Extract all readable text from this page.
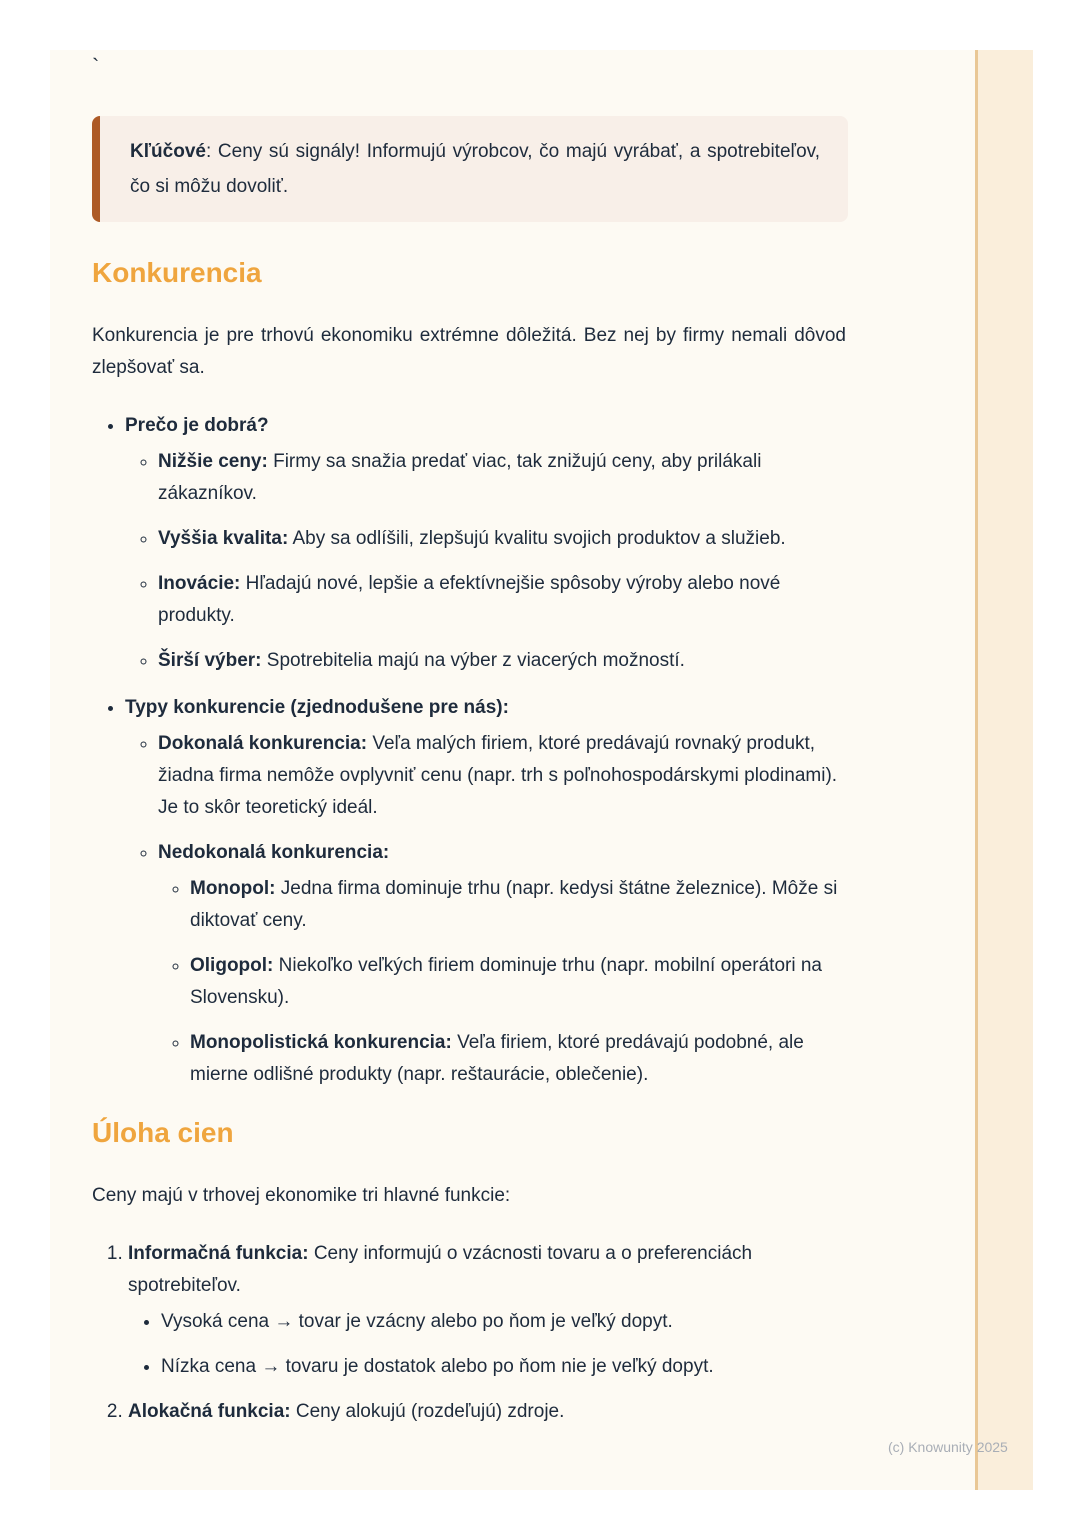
`

Kľúčové: Ceny sú signály! Informujú výrobcov, čo majú vyrábať, a spotrebiteľov, čo si môžu dovoliť.

Konkurencia

Konkurencia je pre trhovú ekonomiku extrémne dôležitá. Bez nej by firmy nemali dôvod zlepšovať sa.

• Prečo je dobrá?
◦ Nižšie ceny: Firmy sa snažia predať viac, tak znižujú ceny, aby prilákali zákazníkov.
◦ Vyššia kvalita: Aby sa odlíšili, zlepšujú kvalitu svojich produktov a služieb.
◦ Inovácie: Hľadajú nové, lepšie a efektívnejšie spôsoby výroby alebo nové produkty.
◦ Širší výber: Spotrebitelia majú na výber z viacerých možností.
• Typy konkurencie (zjednodušene pre nás):
◦ Dokonalá konkurencia: Veľa malých firiem, ktoré predávajú rovnaký produkt, žiadna firma nemôže ovplyvniť cenu (napr. trh s poľnohospodárskymi plodinami). Je to skôr teoretický ideál.
◦ Nedokonalá konkurencia:
◦ Monopol: Jedna firma dominuje trhu (napr. kedysi štátne železnice). Môže si diktovať ceny.
◦ Oligopol: Niekoľko veľkých firiem dominuje trhu (napr. mobilní operátori na Slovensku).
◦ Monopolistická konkurencia: Veľa firiem, ktoré predávajú podobné, ale mierne odlišné produkty (napr. reštaurácie, oblečenie).
Úloha cien

Ceny majú v trhovej ekonomike tri hlavné funkcie:

1. Informačná funkcia: Ceny informujú o vzácnosti tovaru a o preferenciách spotrebiteľov.
• Vysoká cena → tovar je vzácny alebo po ňom je veľký dopyt.
• Nízka cena → tovaru je dostatok alebo po ňom nie je veľký dopyt.
2. Alokačná funkcia: Ceny alokujú (rozdeľujú) zdroje.
(c) Knowunity 2025
